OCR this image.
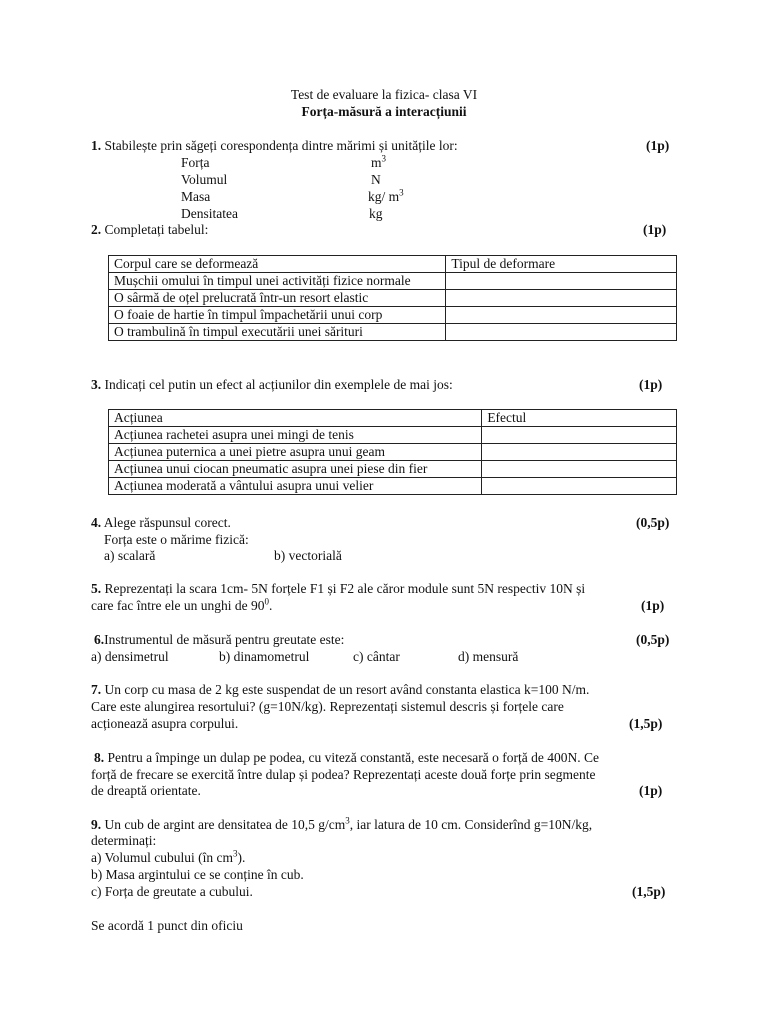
Test de evaluare la fizica- clasa VI
Forța-măsură a interacțiunii
1. Stabilește prin săgeți corespondența dintre mărimi și unitățile lor:	(1p)
Forța
Volumul
Masa
Densitatea
$m^3$
N
kg/ $m^3$
kg
2. Completați tabelul:	(1p)
Corpul care se deformează	Tipul de deformare
Mușchii omului în timpul unei activități fizice normale	
O sârmă de oțel prelucrată într-un resort elastic	
O foaie de hartie în timpul împachetării unui corp	
O trambulină în timpul executării unei sărituri	
3. Indicați cel putin un efect al acțiunilor din exemplele de mai jos:	(1p)
Acțiunea	Efectul
Acțiunea rachetei asupra unei mingi de tenis	
Acțiunea puternica a unei pietre asupra unui geam	
Acțiunea unui ciocan pneumatic asupra unei piese din fier	
Acțiunea moderată a vântului asupra unui velier	
4. Alege răspunsul corect.	(0,5p)
Forța este o mărime fizică:
a) scalară	b) vectorială
5. Reprezentați la scara 1cm- 5N forțele F1 și F2 ale căror module sunt 5N respectiv 10N și
care fac între ele un unghi de $90^0$.	(1p)
6.Instrumentul de măsură pentru greutate este:	(0,5p)
a) densimetrul	b) dinamometrul	c) cântar	d) mensură
7. Un corp cu masa de 2 kg este suspendat de un resort având constanta elastica k=100 N/m.
Care este alungirea resortului? (g=10N/kg). Reprezentați sistemul descris și forțele care
acționează asupra corpului.	(1,5p)
8. Pentru a împinge un dulap pe podea, cu viteză constantă, este necesară o forță de 400N. Ce
forță de frecare se exercită între dulap și podea? Reprezentați aceste două forțe prin segmente
de dreaptă orientate.	(1p)
9. Un cub de argint are densitatea de 10,5 $g/cm^3$, iar latura de 10 cm. Considerînd g=10N/kg,
determinați:
a) Volumul cubului (în $cm^3$).
b) Masa argintului ce se conține în cub.
c) Forța de greutate a cubului.	(1,5p)
Se acordă 1 punct din oficiu
